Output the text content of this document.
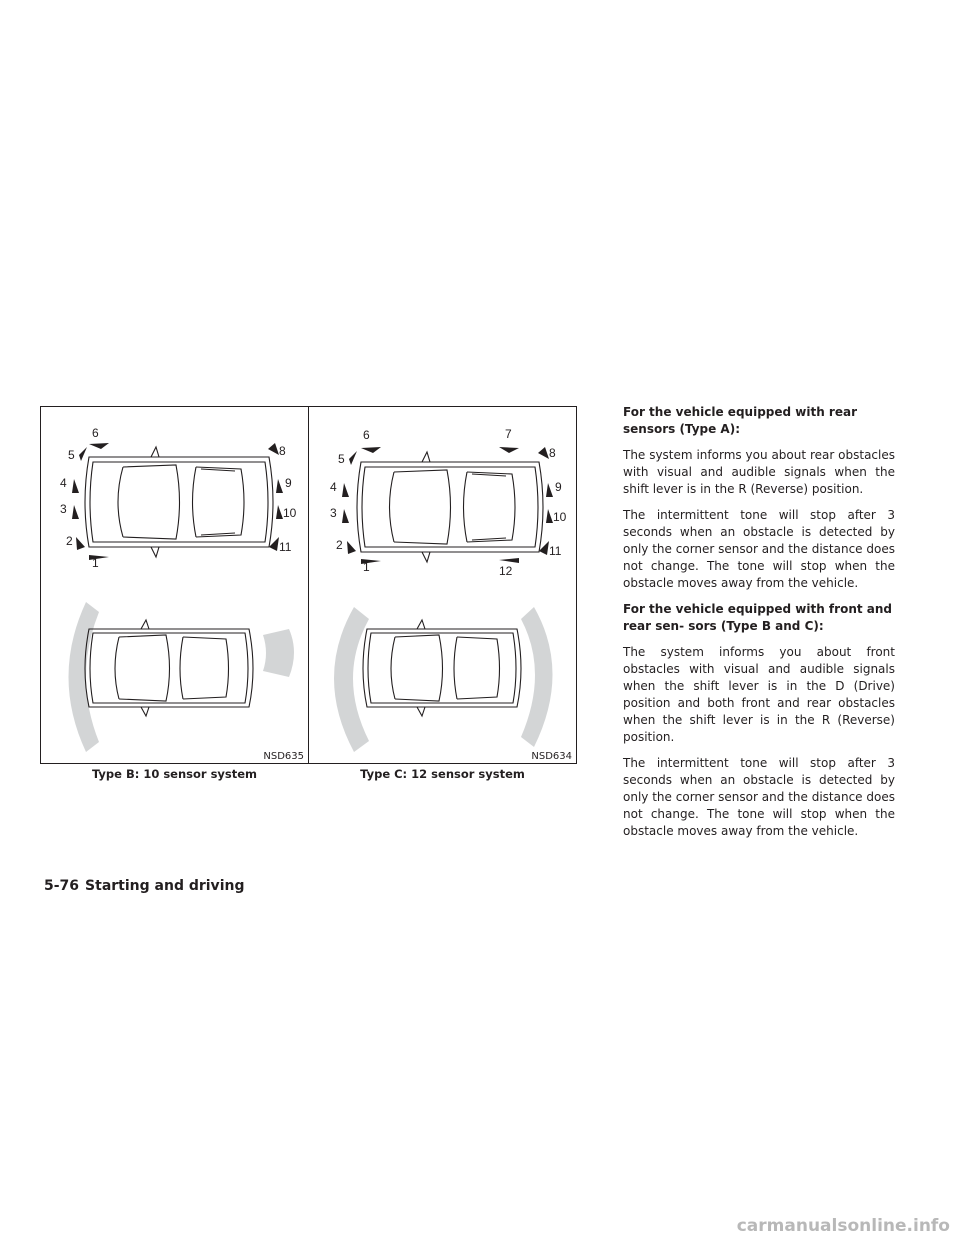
6
5
4
3
2
1
8
9
10
11
NSD635
Type B: 10 sensor system
6	7
5
4
3
2
1
8
9
10
11
12
NSD634
Type C: 12 sensor system

For the vehicle equipped with rear sensors (Type A):

The system informs you about rear obstacles with visual and audible signals when the shift lever is in the R (Reverse) position.

The intermittent tone will stop after 3 seconds when an obstacle is detected by only the corner sensor and the distance does not change. The tone will stop when the obstacle moves away from the vehicle.

For the vehicle equipped with front and rear sen- sors (Type B and C):

The system informs you about front obstacles with visual and audible signals when the shift lever is in the D (Drive) position and both front and rear obstacles when the shift lever is in the R (Reverse) position.

The intermittent tone will stop after 3 seconds when an obstacle is detected by only the corner sensor and the distance does not change. The tone will stop when the obstacle moves away from the vehicle.

5-76 Starting and driving
carmanualsonline.info
